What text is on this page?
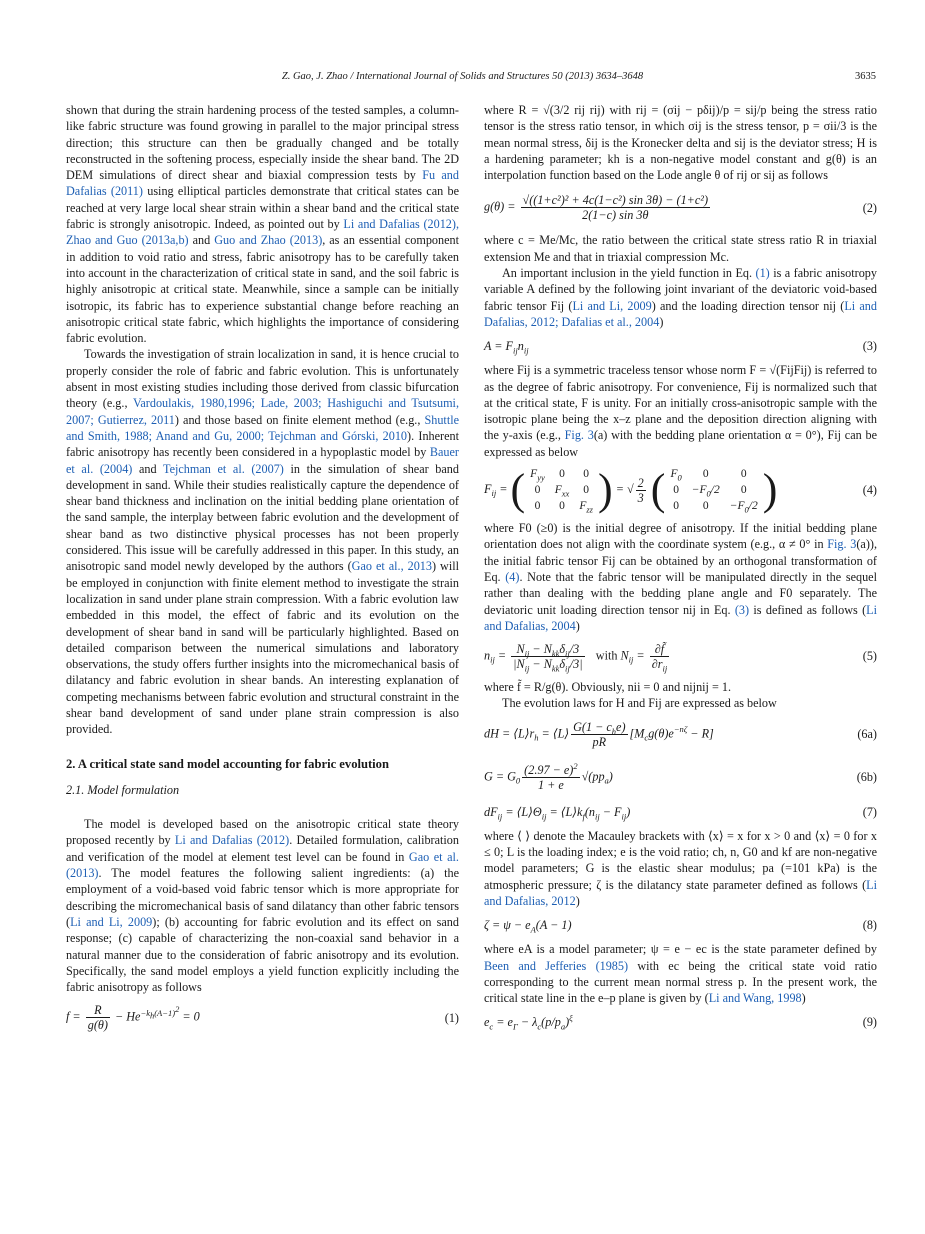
Z. Gao, J. Zhao / International Journal of Solids and Structures 50 (2013) 3634–3648	3635

shown that during the strain hardening process of the tested samples, a column-like fabric structure was found growing in parallel to the major principal stress direction; this structure can then be gradually changed and be totally reconstructed in the softening process, especially inside the shear band. The 2D DEM simulations of direct shear and biaxial compression tests by Fu and Dafalias (2011) using elliptical particles demonstrate that critical states can be reached at very large local shear strain within a shear band and the critical state fabric is strongly anisotropic. Indeed, as pointed out by Li and Dafalias (2012), Zhao and Guo (2013a,b) and Guo and Zhao (2013), as an essential component in addition to void ratio and stress, fabric anisotropy has to be carefully taken into account in the characterization of critical state in sand, and the soil fabric is highly anisotropic at critical state. Meanwhile, since a sample can be initially isotropic, its fabric has to experience substantial change before reaching an anisotropic critical state fabric, which highlights the importance of considering fabric evolution.

Towards the investigation of strain localization in sand, it is hence crucial to properly consider the role of fabric and fabric evolution. This is unfortunately absent in most existing studies including those derived from classic bifurcation theory (e.g., Vardoulakis, 1980,1996; Lade, 2003; Hashiguchi and Tsutsumi, 2007; Gutierrez, 2011) and those based on finite element method (e.g., Shuttle and Smith, 1988; Anand and Gu, 2000; Tejchman and Górski, 2010). Inherent fabric anisotropy has recently been considered in a hypoplastic model by Bauer et al. (2004) and Tejchman et al. (2007) in the simulation of shear band development in sand. While their studies realistically capture the dependence of shear band thickness and inclination on the initial bedding plane orientation of the sand sample, the interplay between fabric evolution and the development of shear band as two distinctive physical processes has not been properly considered. This issue will be carefully addressed in this paper. In this study, an anisotropic sand model newly developed by the authors (Gao et al., 2013) will be employed in conjunction with finite element method to investigate the strain localization in sand under plane strain compression. With a fabric evolution law embedded in this model, the effect of fabric and its evolution on the development of shear band in sand will be particularly highlighted. Based on detailed comparison between the numerical simulations and laboratory observations, the study offers further insights into the micromechanical basis of dilatancy and fabric evolution in shear bands. An interesting explanation of competing mechanisms between fabric evolution and structural constraint in the shear band development of sand under plane strain compression is also provided.

2. A critical state sand model accounting for fabric evolution
2.1. Model formulation

The model is developed based on the anisotropic critical state theory proposed recently by Li and Dafalias (2012). Detailed formulation, calibration and verification of the model at element test level can be found in Gao et al. (2013). The model features the following salient ingredients: (a) the employment of a void-based void fabric tensor which is more appropriate for describing the micromechanical basis of sand dilatancy than other fabric tensors (Li and Li, 2009); (b) accounting for fabric evolution and its effect on sand response; (c) capable of characterizing the non-coaxial sand behavior in a natural manner due to the consideration of fabric anisotropy and its evolution. Specifically, the sand model employs a yield function explicitly including the fabric anisotropy as follows

$f = \frac{R}{g(\theta)} - He^{-k_h(A-1)^2} = 0$	(1)

where R = √(3/2 rij rij) with rij = (σij − pδij)/p = sij/p being the stress ratio tensor is the stress ratio tensor, in which σij is the stress tensor, p = σii/3 is the mean normal stress, δij is the Kronecker delta and sij is the deviator stress; H is a hardening parameter; kh is a non-negative model constant and g(θ) is an interpolation function based on the Lode angle θ of rij or sij as follows

$g(\theta) = \frac{\text{√((1+c²)² + 4c(1−c²) sin 3θ) − (1+c²)}}{2(1-c) \sin 3\theta}$	(2)

where c = Me/Mc, the ratio between the critical state stress ratio R in triaxial extension Me and that in triaxial compression Mc.

An important inclusion in the yield function in Eq. (1) is a fabric anisotropy variable A defined by the following joint invariant of the deviatoric void-based fabric tensor Fij (Li and Li, 2009) and the loading direction tensor nij (Li and Dafalias, 2012; Dafalias et al., 2004)

$A = F_{ij}n_{ij}$	(3)

where Fij is a symmetric traceless tensor whose norm F = √(FijFij) is referred to as the degree of fabric anisotropy. For convenience, Fij is normalized such that at the critical state, F is unity. For an initially cross-anisotropic sample with the isotropic plane being the x–z plane and the deposition direction aligning with the y-axis (e.g., Fig. 3(a) with the bedding plane orientation α = 0°), Fij can be expressed as below

$F_{ij}$ = ( $F_{yy}$	0	0
0	$F_{xx}$	0
0	0	$F_{zz}$ ) = √ $\frac{2}{3}$
( $F_0$	0	0
0	$-F_0/2$	0
0	0	$-F_0/2$ )	(4)

where F0 (≥0) is the initial degree of anisotropy. If the initial bedding plane orientation does not align with the coordinate system (e.g., α ≠ 0° in Fig. 3(a)), the initial fabric tensor Fij can be obtained by an orthogonal transformation of Eq. (4). Note that the fabric tensor will be manipulated directly in the sequel rather than dealing with the bedding plane angle and F0 separately. The deviatoric unit loading direction tensor nij in Eq. (3) is defined as follows (Li and Dafalias, 2004)

$n_{ij} = \frac{N_{ij} - N_{kk}\delta_{ij}/3}{|N_{ij} - N_{kk}\delta_{ij}/3|}$ with $N_{ij} = \frac{\partial f̃}{\partial r_{ij}}$	(5)

where f̃ = R/g(θ). Obviously, nii = 0 and nijnij = 1.

The evolution laws for H and Fij are expressed as below

dH = $⟨L⟩r_h$ = ⟨L⟩ $\frac{G(1 - c_he)}{pR} [M_cg(\theta)e^{-n\zeta} - R]$	(6a)
$G = G_0 \frac{(2.97 - e)^2}{1 + e} √(pp_a)$	(6b)
$dF_{ij}$ = $⟨L⟩\Theta_{ij}$ = $⟨L⟩k_f(n_{ij} - F_{ij})$	(7)

where ⟨ ⟩ denote the Macauley brackets with ⟨x⟩ = x for x > 0 and ⟨x⟩ = 0 for x ≤ 0; L is the loading index; e is the void ratio; ch, n, G0 and kf are non-negative model parameters; G is the elastic shear modulus; pa (=101 kPa) is the atmospheric pressure; ζ is the dilatancy state parameter defined as follows (Li and Dafalias, 2012)

$\zeta = \psi - e_A(A - 1)$	(8)

where eA is a model parameter; ψ = e − ec is the state parameter defined by Been and Jefferies (1985) with ec being the critical state void ratio corresponding to the current mean normal stress p. In the present work, the critical state line in the e–p plane is given by (Li and Wang, 1998)

$e_c = e_\Gamma - \lambda_c(p/p_a)^\xi$	(9)
